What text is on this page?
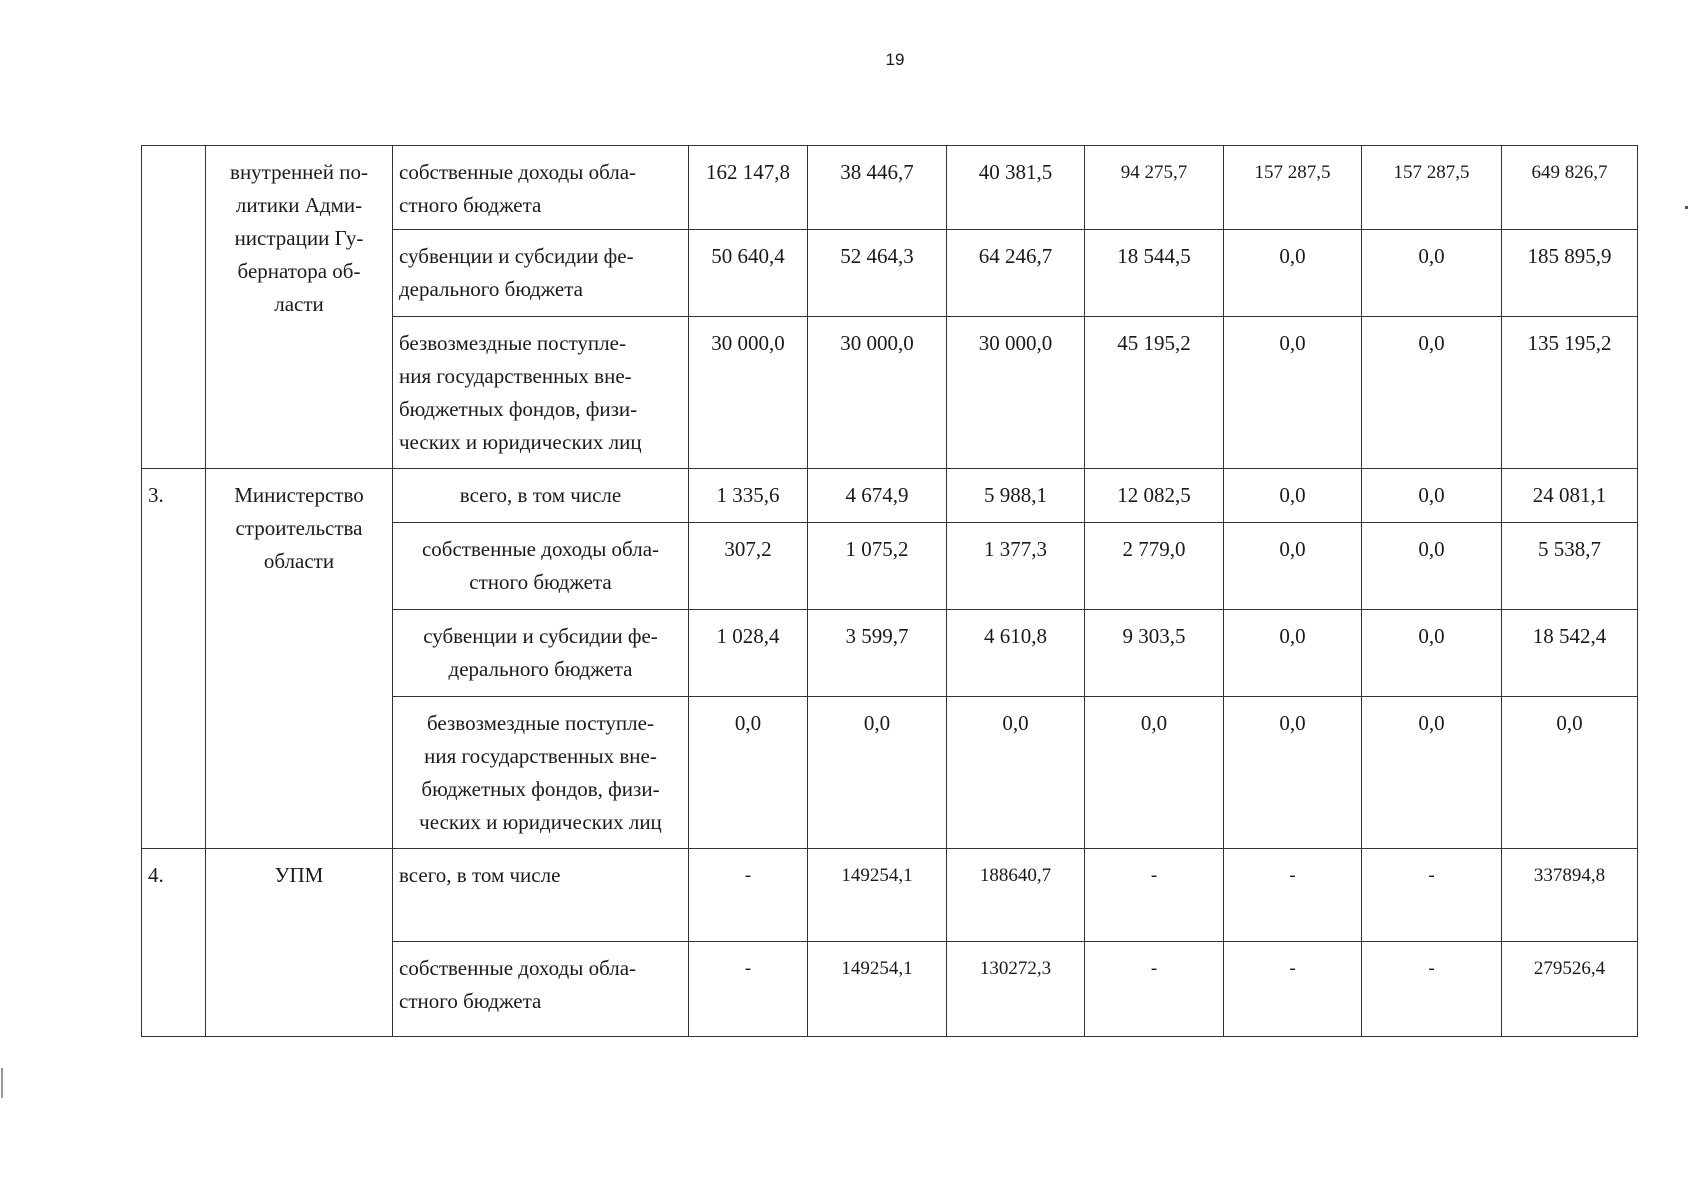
19
	внутренней по-
литики Адми-
нистрации Гу-
бернатора об-
ласти	собственные доходы обла-
стного бюджета	162 147,8	38 446,7	40 381,5	94 275,7	157 287,5	157 287,5	649 826,7
		субвенции и субсидии фе-
дерального бюджета	50 640,4	52 464,3	64 246,7	18 544,5	0,0	0,0	185 895,9
		безвозмездные поступле-
ния государственных вне-
бюджетных фондов, физи-
ческих и юридических лиц	30 000,0	30 000,0	30 000,0	45 195,2	0,0	0,0	135 195,2
3.	Министерство
строительства
области	всего, в том числе	1 335,6	4 674,9	5 988,1	12 082,5	0,0	0,0	24 081,1
		собственные доходы обла-
стного бюджета	307,2	1 075,2	1 377,3	2 779,0	0,0	0,0	5 538,7
		субвенции и субсидии фе-
дерального бюджета	1 028,4	3 599,7	4 610,8	9 303,5	0,0	0,0	18 542,4
		безвозмездные поступле-
ния государственных вне-
бюджетных фондов, физи-
ческих и юридических лиц	0,0	0,0	0,0	0,0	0,0	0,0	0,0
4.	УПМ	всего, в том числе	-	149254,1	188640,7	-	-	-	337894,8
		собственные доходы обла-
стного бюджета	-	149254,1	130272,3	-	-	-	279526,4
